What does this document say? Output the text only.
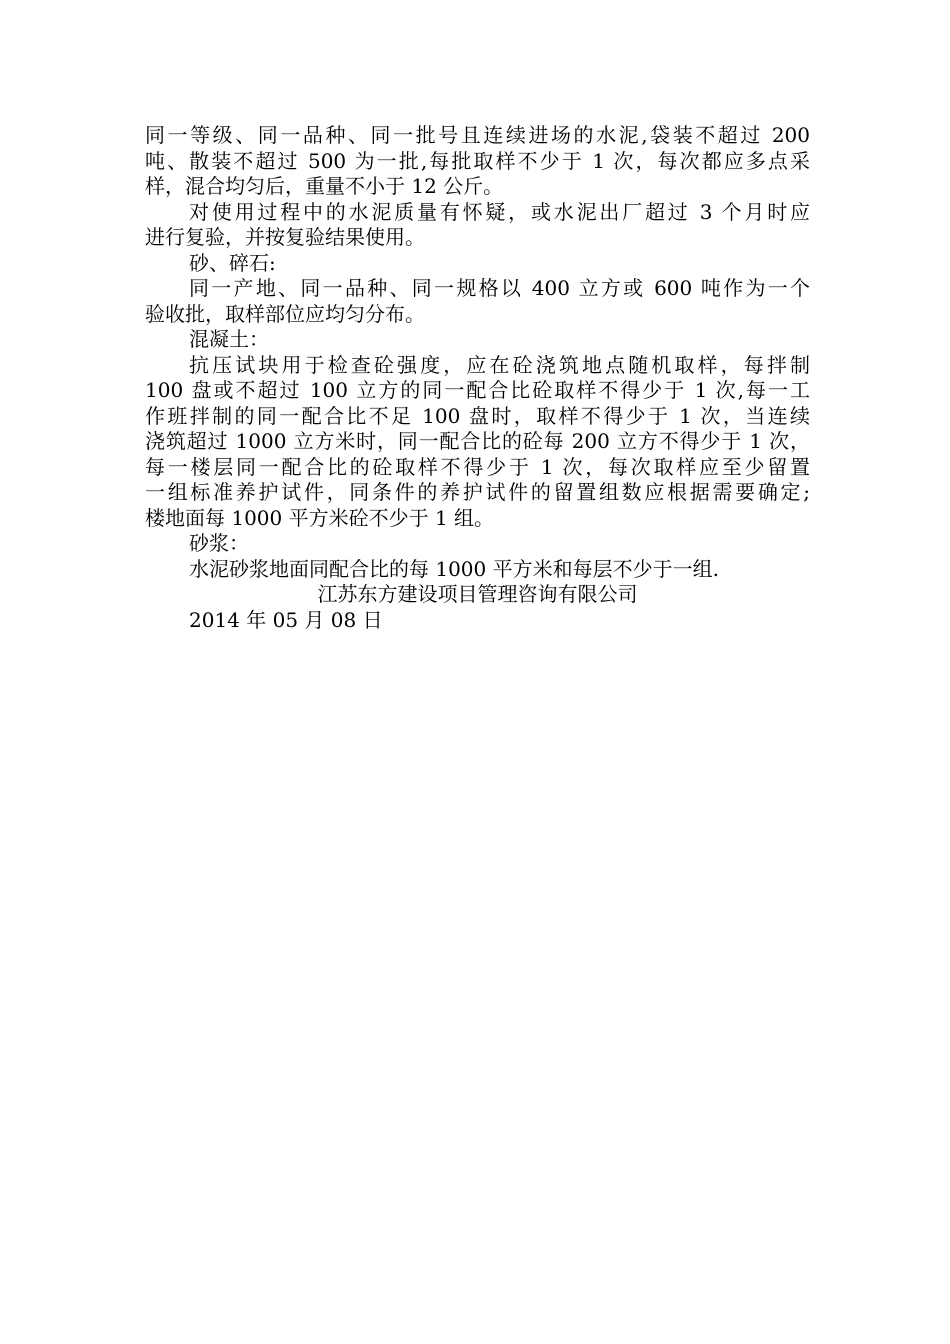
同一等级、同一品种、同一批号且连续进场的水泥,袋装不超过 200
吨、散装不超过 500 为一批,每批取样不少于 1 次，每次都应多点采
样，混合均匀后，重量不小于 12 公斤。
对使用过程中的水泥质量有怀疑，或水泥出厂超过 3 个月时应
进行复验，并按复验结果使用。
砂、碎石:
同一产地、同一品种、同一规格以 400 立方或 600 吨作为一个
验收批，取样部位应均匀分布。
混凝土：
抗压试块用于检查砼强度，应在砼浇筑地点随机取样，每拌制
100 盘或不超过 100 立方的同一配合比砼取样不得少于 1 次,每一工
作班拌制的同一配合比不足 100 盘时，取样不得少于 1 次，当连续
浇筑超过 1000 立方米时，同一配合比的砼每 200 立方不得少于 1 次，
每一楼层同一配合比的砼取样不得少于 1 次，每次取样应至少留置
一组标准养护试件，同条件的养护试件的留置组数应根据需要确定;
楼地面每 1000 平方米砼不少于 1 组。
砂浆：
水泥砂浆地面同配合比的每 1000 平方米和每层不少于一组.
江苏东方建设项目管理咨询有限公司
2014 年 05 月 08 日
